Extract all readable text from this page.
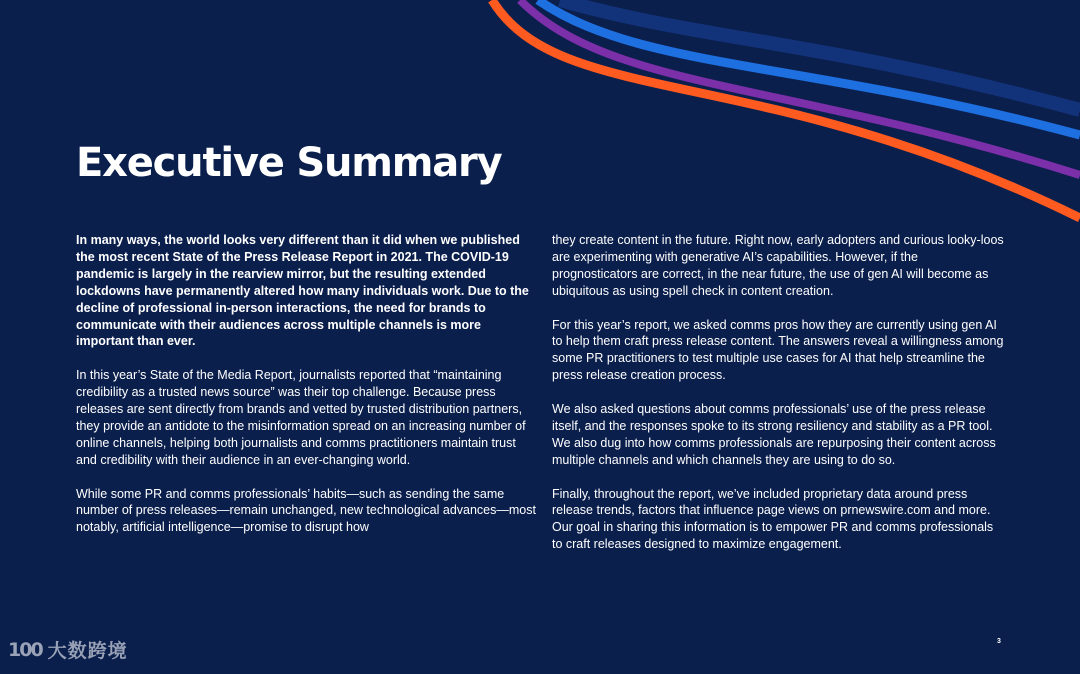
Executive Summary

In many ways, the world looks very different than it did when we published the most recent State of the Press Release Report in 2021. The COVID-19 pandemic is largely in the rearview mirror, but the resulting extended lockdowns have permanently altered how many individuals work. Due to the decline of professional in-person interactions, the need for brands to communicate with their audiences across multiple channels is more important than ever.

In this year’s State of the Media Report, journalists reported that “maintaining credibility as a trusted news source” was their top challenge. Because press releases are sent directly from brands and vetted by trusted distribution partners, they provide an antidote to the misinformation spread on an increasing number of online channels, helping both journalists and comms practitioners maintain trust and credibility with their audience in an ever-changing world.

While some PR and comms professionals’ habits—such as sending the same number of press releases—remain unchanged, new technological advances—most notably, artificial intelligence—promise to disrupt how

they create content in the future. Right now, early adopters and curious looky-loos are experimenting with generative AI’s capabilities. However, if the prognosticators are correct, in the near future, the use of gen AI will become as ubiquitous as using spell check in content creation.

For this year’s report, we asked comms pros how they are currently using gen AI to help them craft press release content. The answers reveal a willingness among some PR practitioners to test multiple use cases for AI that help streamline the press release creation process.

We also asked questions about comms professionals’ use of the press release itself, and the responses spoke to its strong resiliency and stability as a PR tool. We also dug into how comms professionals are repurposing their content across multiple channels and which channels they are using to do so.

Finally, throughout the report, we’ve included proprietary data around press release trends, factors that influence page views on prnewswire.com and more. Our goal in sharing this information is to empower PR and comms professionals to craft releases designed to maximize engagement.

3
100 大数跨境
